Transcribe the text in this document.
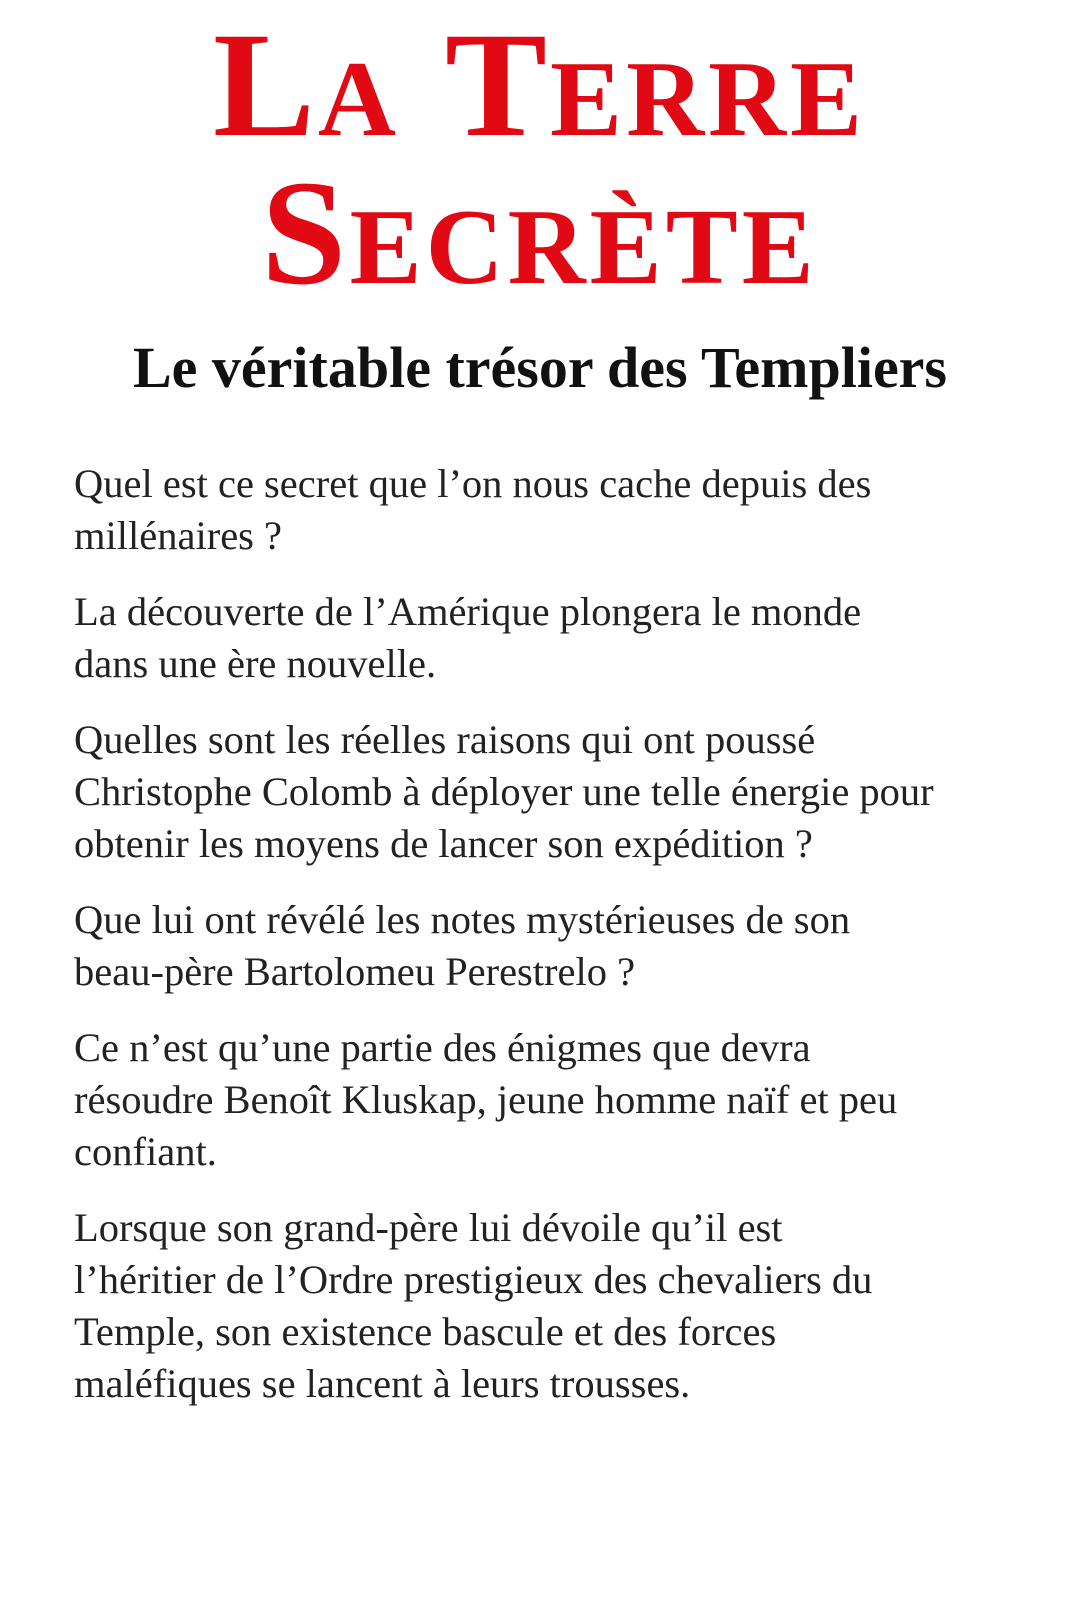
LA TERRE
SECRÈTE
Le véritable trésor des Templiers

Quel est ce secret que l’on nous cache depuis des millénaires ?

La découverte de l’Amérique plongera le monde dans une ère nouvelle.

Quelles sont les réelles raisons qui ont poussé Christophe Colomb à déployer une telle énergie pour obtenir les moyens de lancer son expédition ?

Que lui ont révélé les notes mystérieuses de son beau-père Bartolomeu Perestrelo ?

Ce n’est qu’une partie des énigmes que devra résoudre Benoît Kluskap, jeune homme naïf et peu confiant.

Lorsque son grand-père lui dévoile qu’il est l’héritier de l’Ordre prestigieux des chevaliers du Temple, son existence bascule et des forces maléfiques se lancent à leurs trousses.
